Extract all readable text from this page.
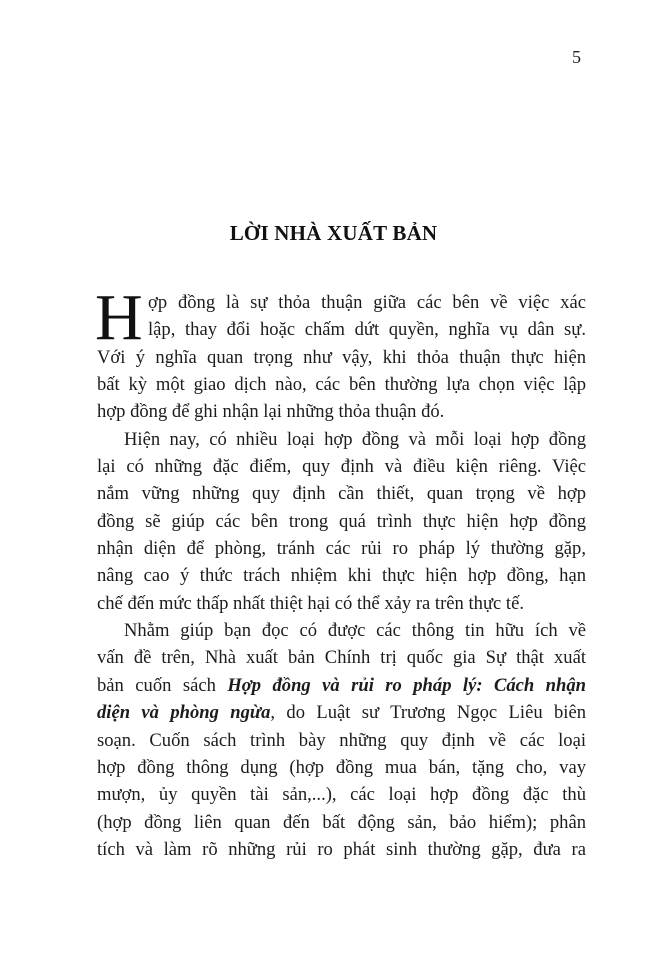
5
LỜI NHÀ XUẤT BẢN
H ợp đồng là sự thỏa thuận giữa các bên về việc xác
lập, thay đổi hoặc chấm dứt quyền, nghĩa vụ dân sự.
Với ý nghĩa quan trọng như vậy, khi thỏa thuận thực hiện
bất kỳ một giao dịch nào, các bên thường lựa chọn việc lập
hợp đồng để ghi nhận lại những thỏa thuận đó.
Hiện nay, có nhiều loại hợp đồng và mỗi loại hợp đồng
lại có những đặc điểm, quy định và điều kiện riêng. Việc
nắm vững những quy định cần thiết, quan trọng về hợp
đồng sẽ giúp các bên trong quá trình thực hiện hợp đồng
nhận diện để phòng, tránh các rủi ro pháp lý thường gặp,
nâng cao ý thức trách nhiệm khi thực hiện hợp đồng, hạn
chế đến mức thấp nhất thiệt hại có thể xảy ra trên thực tế.
Nhằm giúp bạn đọc có được các thông tin hữu ích về
vấn đề trên, Nhà xuất bản Chính trị quốc gia Sự thật xuất
bản cuốn sách Hợp đồng và rủi ro pháp lý: Cách nhận
diện và phòng ngừa, do Luật sư Trương Ngọc Liêu biên
soạn. Cuốn sách trình bày những quy định về các loại
hợp đồng thông dụng (hợp đồng mua bán, tặng cho, vay
mượn, ủy quyền tài sản,...), các loại hợp đồng đặc thù
(hợp đồng liên quan đến bất động sản, bảo hiểm); phân
tích và làm rõ những rủi ro phát sinh thường gặp, đưa ra
